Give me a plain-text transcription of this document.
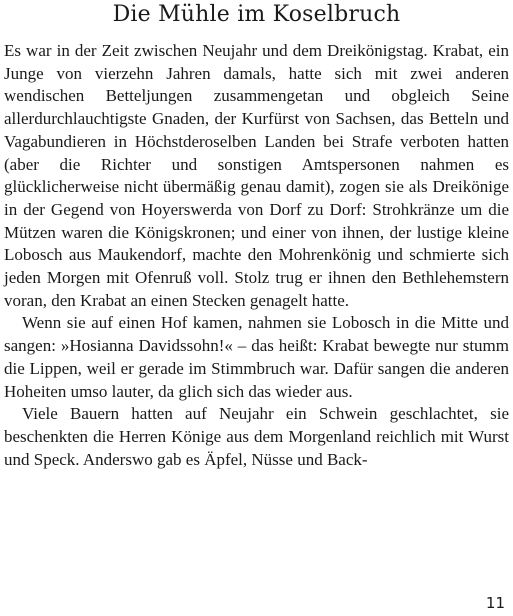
Die Mühle im Koselbruch

Es war in der Zeit zwischen Neujahr und dem Dreikönigstag. Krabat, ein Junge von vierzehn Jahren damals, hatte sich mit zwei anderen wendischen Betteljungen zusammengetan und obgleich Seine allerdurchlauchtigste Gnaden, der Kurfürst von Sachsen, das Betteln und Vagabundieren in Höchstderoselben Landen bei Strafe verboten hatten (aber die Richter und sonstigen Amtspersonen nahmen es glücklicherweise nicht übermäßig genau damit), zogen sie als Dreikönige in der Gegend von Hoyerswerda von Dorf zu Dorf: Strohkränze um die Mützen waren die Königskronen; und einer von ihnen, der lustige kleine Lobosch aus Maukendorf, machte den Mohrenkönig und schmierte sich jeden Morgen mit Ofenruß voll. Stolz trug er ihnen den Bethlehemstern voran, den Krabat an einen Stecken genagelt hatte.

Wenn sie auf einen Hof kamen, nahmen sie Lobosch in die Mitte und sangen: »Hosianna Davidssohn!« – das heißt: Krabat bewegte nur stumm die Lippen, weil er gerade im Stimmbruch war. Dafür sangen die anderen Hoheiten umso lauter, da glich sich das wieder aus.

Viele Bauern hatten auf Neujahr ein Schwein geschlachtet, sie beschenkten die Herren Könige aus dem Morgenland reichlich mit Wurst und Speck. Anderswo gab es Äpfel, Nüsse und Back-

11
